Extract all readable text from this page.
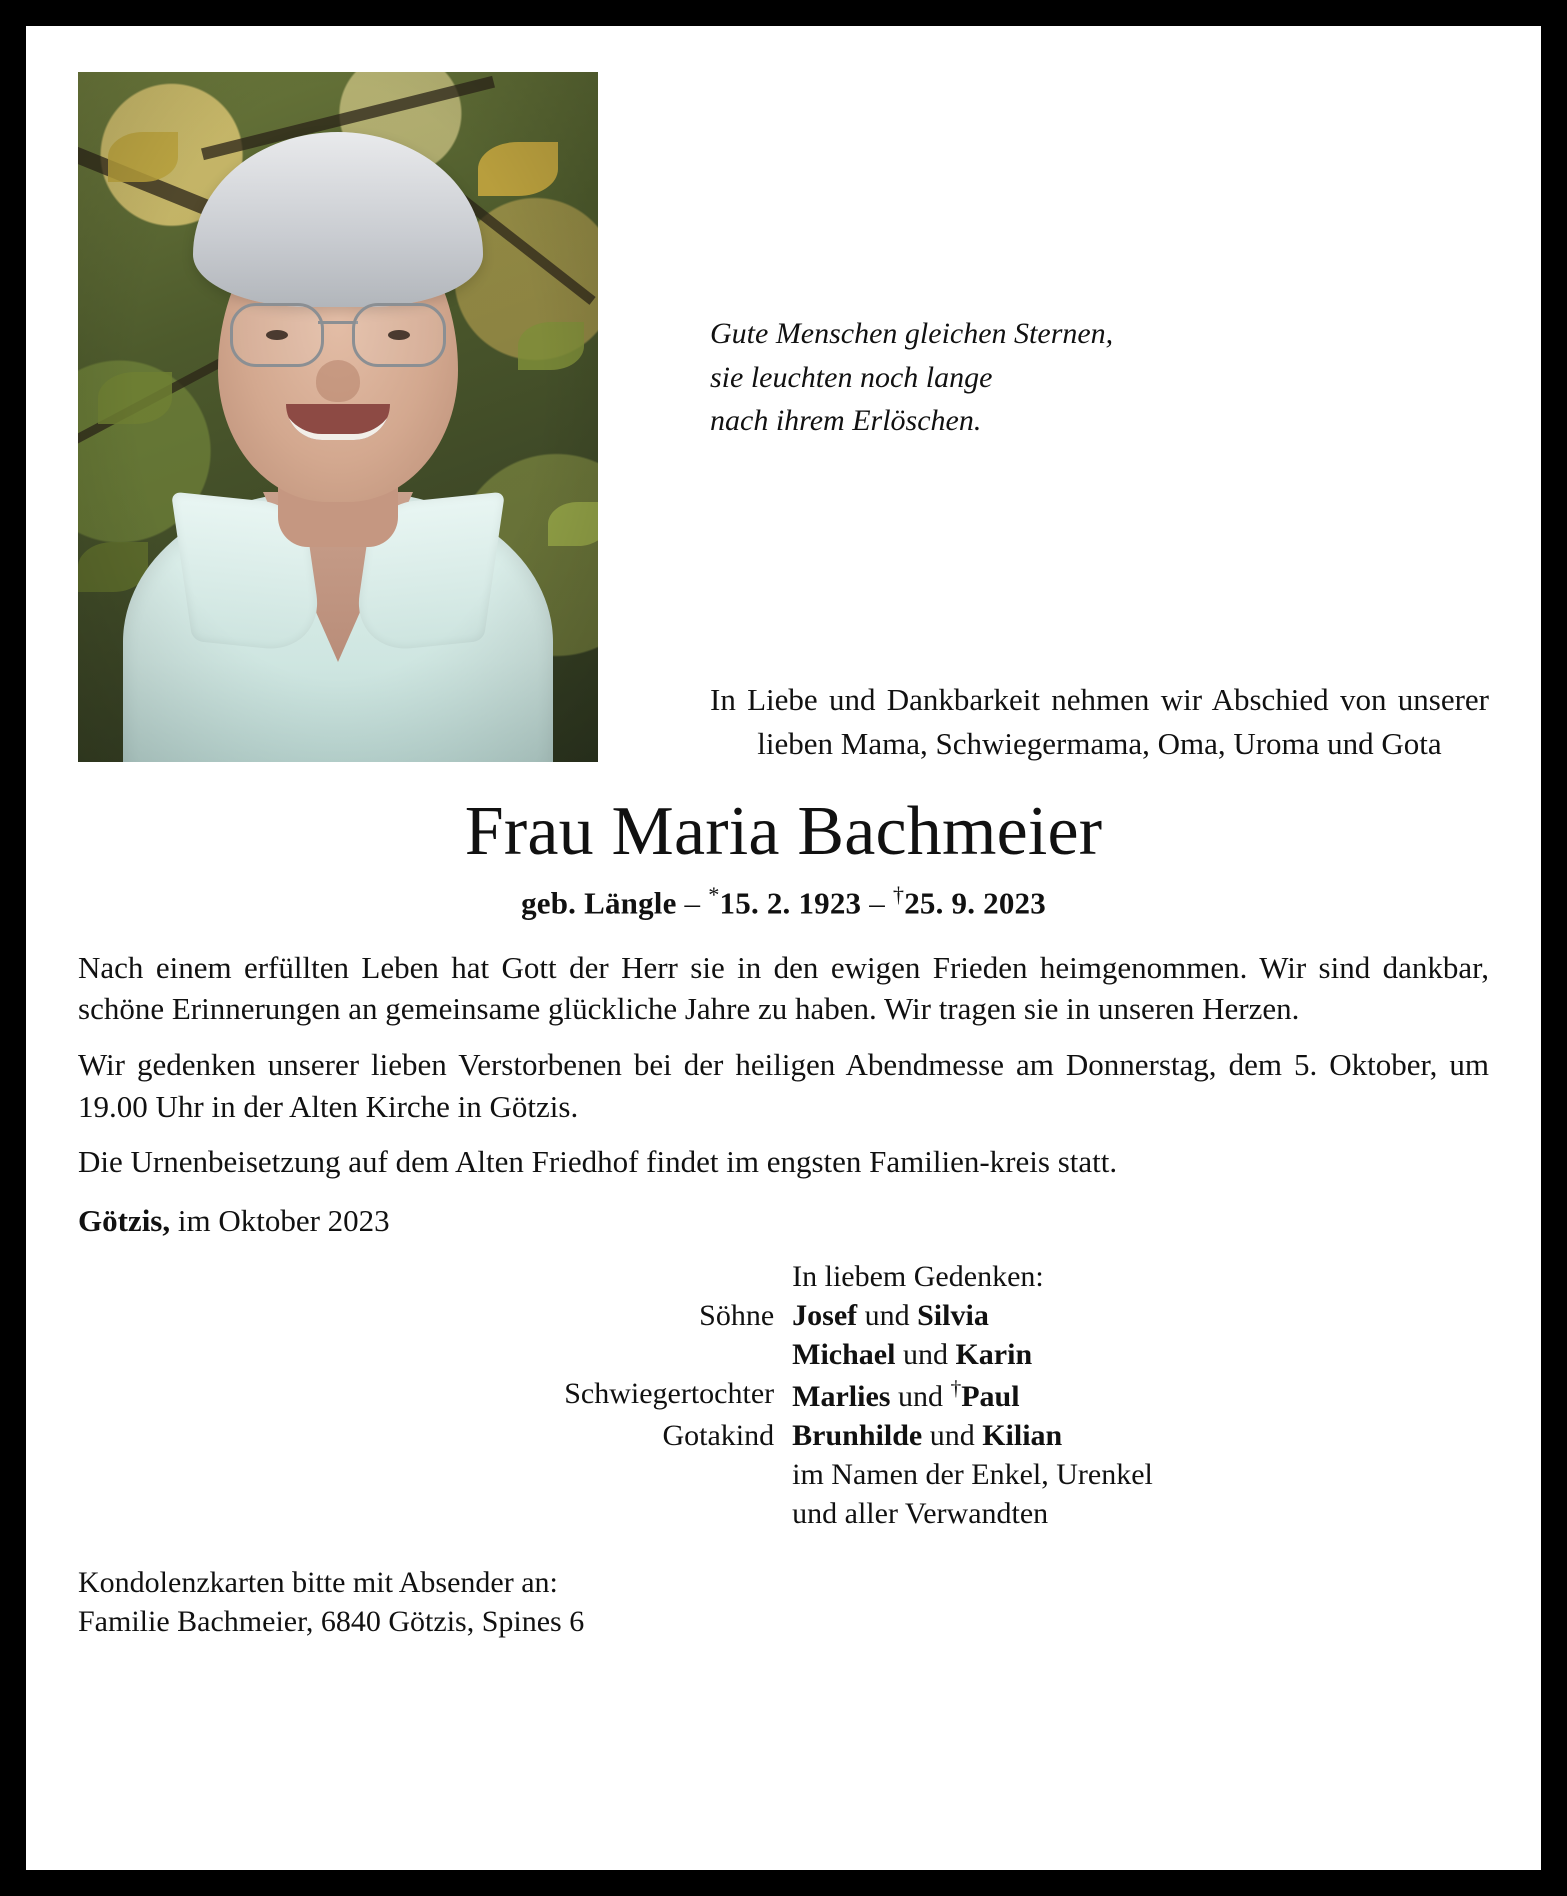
Gute Menschen gleichen Sternen,
sie leuchten noch lange
nach ihrem Erlöschen.
In Liebe und Dankbarkeit nehmen wir Abschied von unserer lieben Mama, Schwiegermama, Oma, Uroma und Gota
Frau Maria Bachmeier
geb. Längle – *15. 2. 1923 – †25. 9. 2023

Nach einem erfüllten Leben hat Gott der Herr sie in den ewigen Frieden heimgenommen. Wir sind dankbar, schöne Erinnerungen an gemeinsame glückliche Jahre zu haben. Wir tragen sie in unseren Herzen.

Wir gedenken unserer lieben Verstorbenen bei der heiligen Abendmesse am Donnerstag, dem 5. Oktober, um 19.00 Uhr in der Alten Kirche in Götzis.

Die Urnenbeisetzung auf dem Alten Friedhof findet im engsten Familien-kreis statt.

Götzis, im Oktober 2023
In liebem Gedenken:
Söhne Josef und Silvia
Michael und Karin
Schwiegertochter Marlies und †Paul
Gotakind Brunhilde und Kilian
im Namen der Enkel, Urenkel
und aller Verwandten
Kondolenzkarten bitte mit Absender an:
Familie Bachmeier, 6840 Götzis, Spines 6
